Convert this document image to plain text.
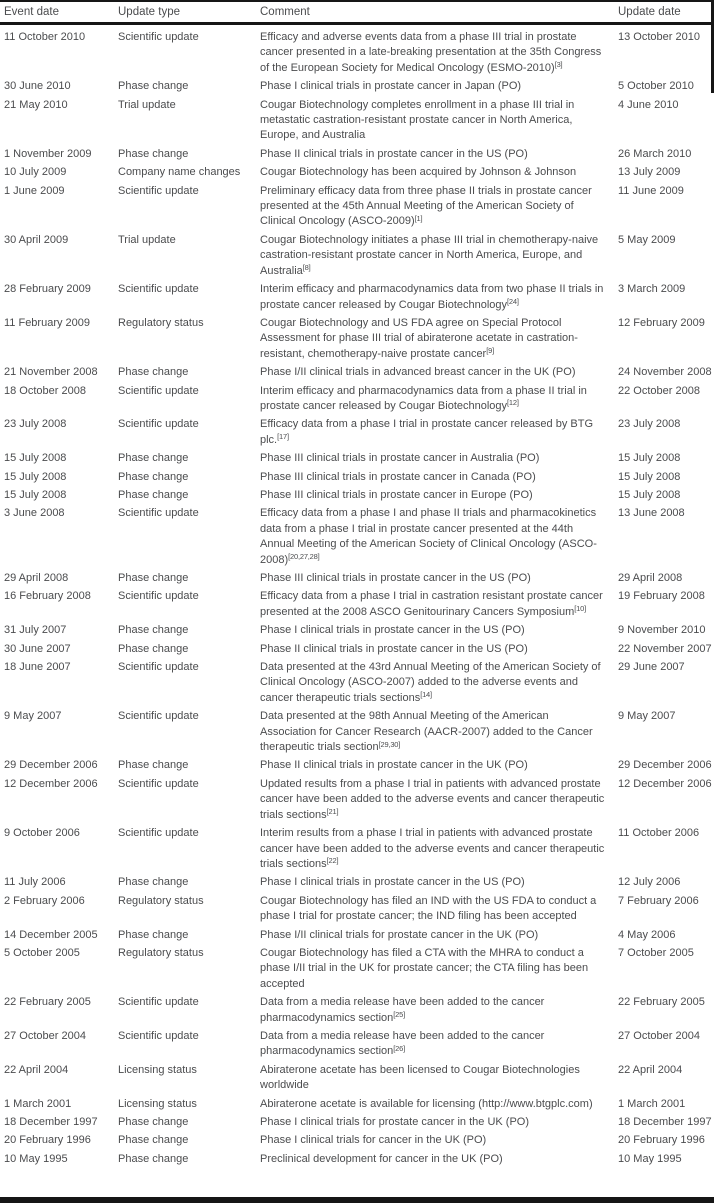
Event date	Update type	Comment	Update date
11 October 2010	Scientific update	Efficacy and adverse events data from a phase III trial in prostate cancer presented in a late-breaking presentation at the 35th Congress of the European Society for Medical Oncology (ESMO-2010)[3]	13 October 2010
30 June 2010	Phase change	Phase I clinical trials in prostate cancer in Japan (PO)	5 October 2010
21 May 2010	Trial update	Cougar Biotechnology completes enrollment in a phase III trial in metastatic castration-resistant prostate cancer in North America, Europe, and Australia	4 June 2010
1 November 2009	Phase change	Phase II clinical trials in prostate cancer in the US (PO)	26 March 2010
10 July 2009	Company name changes	Cougar Biotechnology has been acquired by Johnson & Johnson	13 July 2009
1 June 2009	Scientific update	Preliminary efficacy data from three phase II trials in prostate cancer presented at the 45th Annual Meeting of the American Society of Clinical Oncology (ASCO-2009)[1]	11 June 2009
30 April 2009	Trial update	Cougar Biotechnology initiates a phase III trial in chemotherapy-naive castration-resistant prostate cancer in North America, Europe, and Australia[8]	5 May 2009
28 February 2009	Scientific update	Interim efficacy and pharmacodynamics data from two phase II trials in prostate cancer released by Cougar Biotechnology[24]	3 March 2009
11 February 2009	Regulatory status	Cougar Biotechnology and US FDA agree on Special Protocol Assessment for phase III trial of abiraterone acetate in castration-resistant, chemotherapy-naive prostate cancer[9]	12 February 2009
21 November 2008	Phase change	Phase I/II clinical trials in advanced breast cancer in the UK (PO)	24 November 2008
18 October 2008	Scientific update	Interim efficacy and pharmacodynamics data from a phase II trial in prostate cancer released by Cougar Biotechnology[12]	22 October 2008
23 July 2008	Scientific update	Efficacy data from a phase I trial in prostate cancer released by BTG plc.[17]	23 July 2008
15 July 2008	Phase change	Phase III clinical trials in prostate cancer in Australia (PO)	15 July 2008
15 July 2008	Phase change	Phase III clinical trials in prostate cancer in Canada (PO)	15 July 2008
15 July 2008	Phase change	Phase III clinical trials in prostate cancer in Europe (PO)	15 July 2008
3 June 2008	Scientific update	Efficacy data from a phase I and phase II trials and pharmacokinetics data from a phase I trial in prostate cancer presented at the 44th Annual Meeting of the American Society of Clinical Oncology (ASCO-2008)[20,27,28]	13 June 2008
29 April 2008	Phase change	Phase III clinical trials in prostate cancer in the US (PO)	29 April 2008
16 February 2008	Scientific update	Efficacy data from a phase I trial in castration resistant prostate cancer presented at the 2008 ASCO Genitourinary Cancers Symposium[10]	19 February 2008
31 July 2007	Phase change	Phase I clinical trials in prostate cancer in the US (PO)	9 November 2010
30 June 2007	Phase change	Phase II clinical trials in prostate cancer in the US (PO)	22 November 2007
18 June 2007	Scientific update	Data presented at the 43rd Annual Meeting of the American Society of Clinical Oncology (ASCO-2007) added to the adverse events and cancer therapeutic trials sections[14]	29 June 2007
9 May 2007	Scientific update	Data presented at the 98th Annual Meeting of the American Association for Cancer Research (AACR-2007) added to the Cancer therapeutic trials section[29,30]	9 May 2007
29 December 2006	Phase change	Phase II clinical trials in prostate cancer in the UK (PO)	29 December 2006
12 December 2006	Scientific update	Updated results from a phase I trial in patients with advanced prostate cancer have been added to the adverse events and cancer therapeutic trials sections[21]	12 December 2006
9 October 2006	Scientific update	Interim results from a phase I trial in patients with advanced prostate cancer have been added to the adverse events and cancer therapeutic trials sections[22]	11 October 2006
11 July 2006	Phase change	Phase I clinical trials in prostate cancer in the US (PO)	12 July 2006
2 February 2006	Regulatory status	Cougar Biotechnology has filed an IND with the US FDA to conduct a phase I trial for prostate cancer; the IND filing has been accepted	7 February 2006
14 December 2005	Phase change	Phase I/II clinical trials for prostate cancer in the UK (PO)	4 May 2006
5 October 2005	Regulatory status	Cougar Biotechnology has filed a CTA with the MHRA to conduct a phase I/II trial in the UK for prostate cancer; the CTA filing has been accepted	7 October 2005
22 February 2005	Scientific update	Data from a media release have been added to the cancer pharmacodynamics section[25]	22 February 2005
27 October 2004	Scientific update	Data from a media release have been added to the cancer pharmacodynamics section[26]	27 October 2004
22 April 2004	Licensing status	Abiraterone acetate has been licensed to Cougar Biotechnologies worldwide	22 April 2004
1 March 2001	Licensing status	Abiraterone acetate is available for licensing (http://www.btgplc.com)	1 March 2001
18 December 1997	Phase change	Phase I clinical trials for prostate cancer in the UK (PO)	18 December 1997
20 February 1996	Phase change	Phase I clinical trials for cancer in the UK (PO)	20 February 1996
10 May 1995	Phase change	Preclinical development for cancer in the UK (PO)	10 May 1995
